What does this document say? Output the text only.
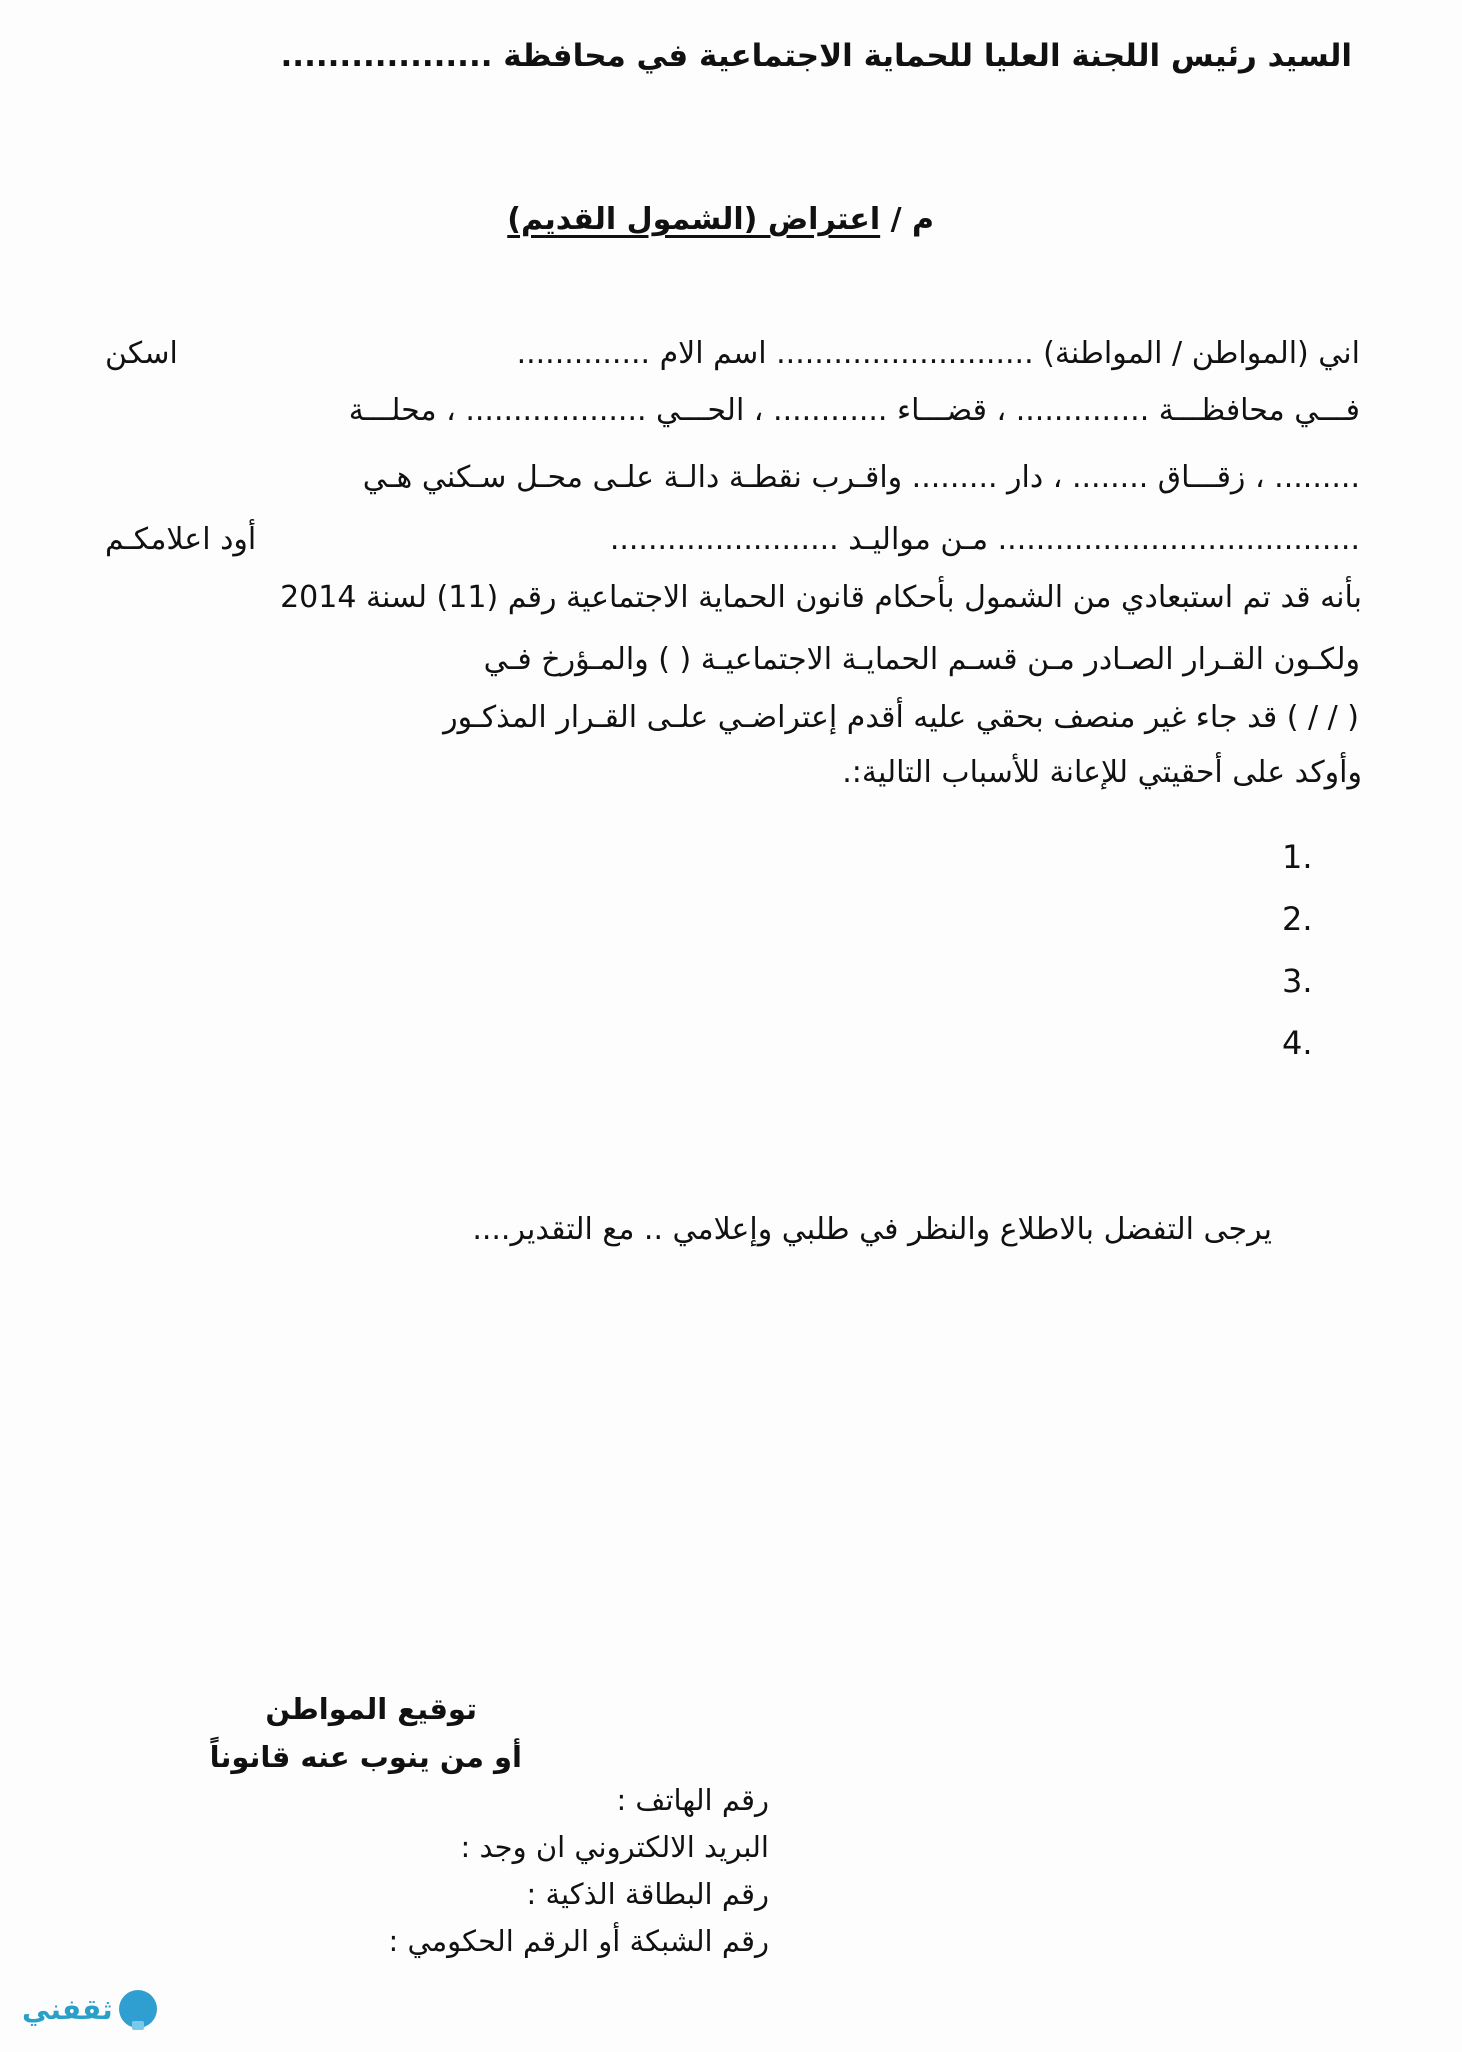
السيد رئيس اللجنة العليا للحماية الاجتماعية في محافظة ..................
م / اعتراض (الشمول القديم)
اني (المواطن / المواطنة) ........................... اسم الام ..............
اسكن
فـــي محافظـــة .............. ، قضـــاء ............ ، الحـــي ................... ، محلـــة
......... ، زقـــاق ........ ، دار ......... واقـرب نقطـة دالـة علـى محـل سـكني هـي
...................................... مـن مواليـد ........................
أود اعلامكـم
بأنه قد تم استبعادي من الشمول بأحكام قانون الحماية الاجتماعية رقم (11) لسنة 2014
ولكـون القـرار الصـادر مـن قسـم الحمايـة الاجتماعيـة ( ) والمـؤرخ فـي
( / / ) قد جاء غير منصف بحقي عليه أقدم إعتراضـي علـى القـرار المذكـور
وأوكد على أحقيتي للإعانة للأسباب التالية:.
1.
2.
3.
4.
يرجى التفضل بالاطلاع والنظر في طلبي وإعلامي .. مع التقدير....
توقيع المواطن
أو من ينوب عنه قانوناً
رقم الهاتف :
البريد الالكتروني ان وجد :
رقم البطاقة الذكية :
رقم الشبكة أو الرقم الحكومي :
ثقفني
